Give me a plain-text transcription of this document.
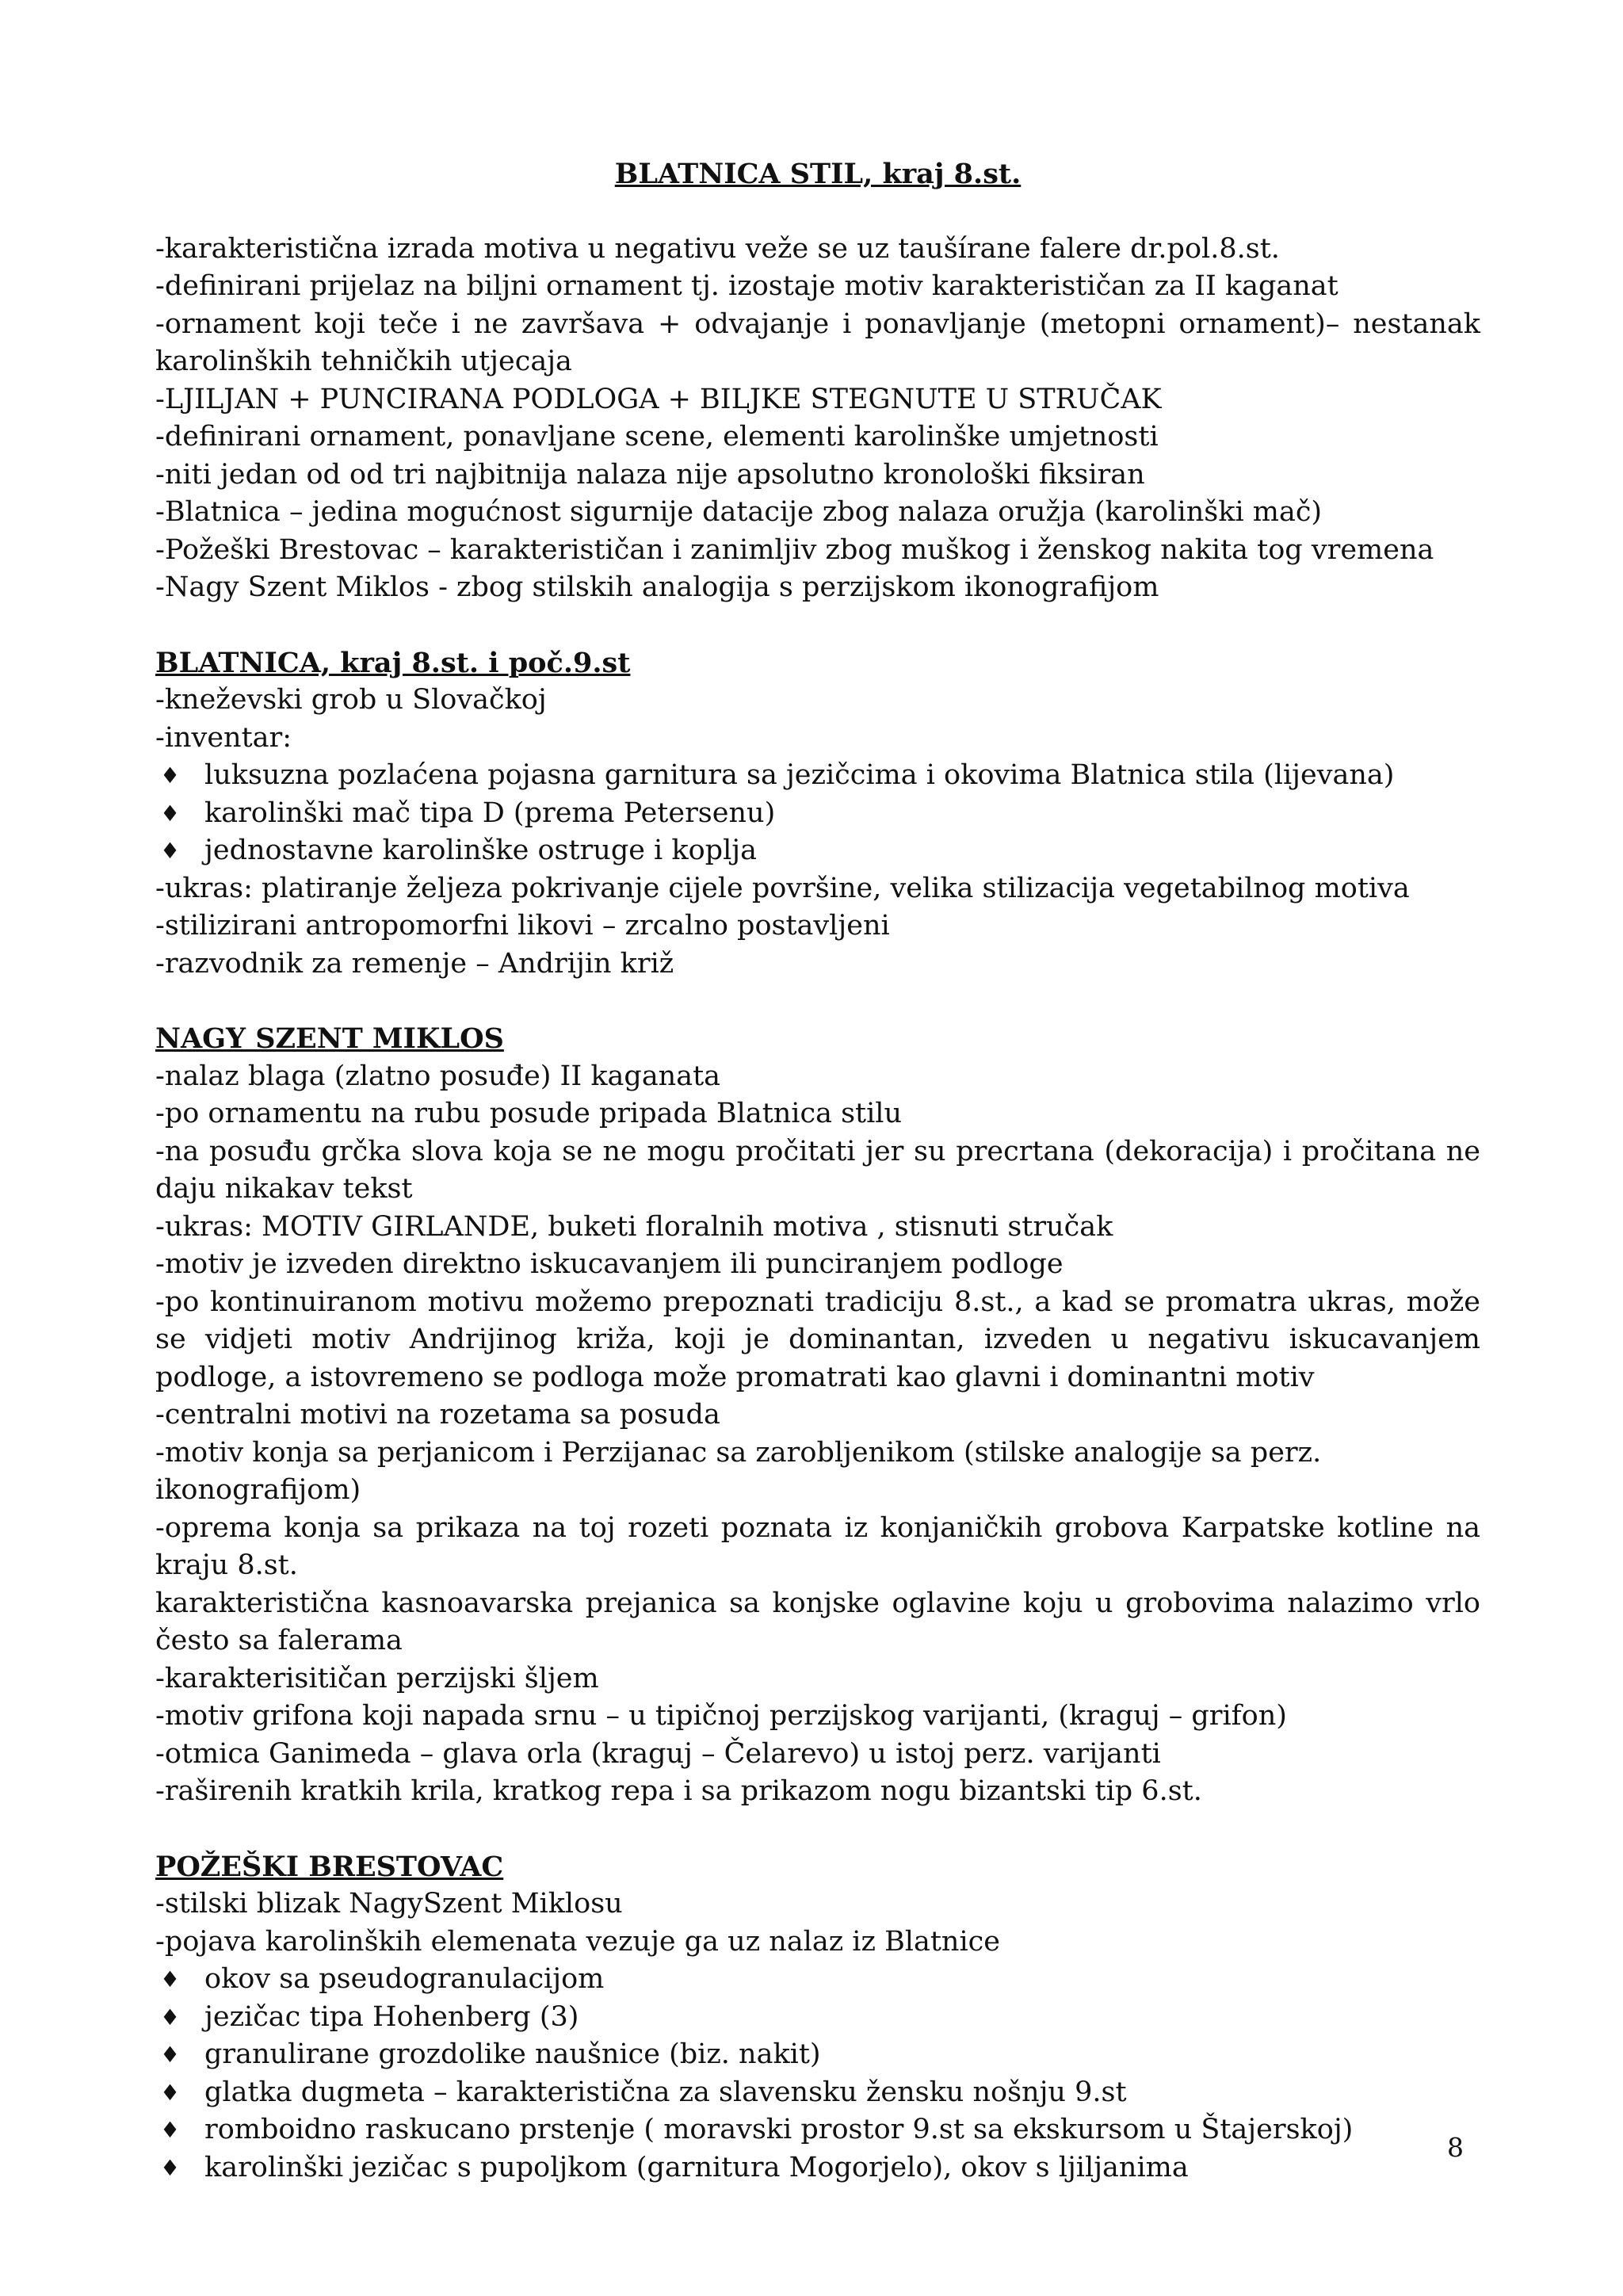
BLATNICA STIL, kraj 8.st.

-karakteristična izrada motiva u negativu veže se uz taušírane falere dr.pol.8.st.

-definirani prijelaz na biljni ornament tj. izostaje motiv karakterističan za II kaganat

-ornament koji teče i ne završava + odvajanje i ponavljanje (metopni ornament)– nestanak karolinških tehničkih utjecaja

-LJILJAN + PUNCIRANA PODLOGA + BILJKE STEGNUTE U STRUČAK

-definirani ornament, ponavljane scene, elementi karolinške umjetnosti

-niti jedan od od tri najbitnija nalaza nije apsolutno kronološki fiksiran

-Blatnica – jedina mogućnost sigurnije datacije zbog nalaza oružja (karolinški mač)

-Požeški Brestovac – karakterističan i zanimljiv zbog muškog i ženskog nakita tog vremena

-Nagy Szent Miklos - zbog stilskih analogija s perzijskom ikonografijom

BLATNICA, kraj 8.st. i poč.9.st

-kneževski grob u Slovačkoj

-inventar:

♦ luksuzna pozlaćena pojasna garnitura sa jezičcima i okovima Blatnica stila (lijevana)

♦ karolinški mač tipa D (prema Petersenu)

♦ jednostavne karolinške ostruge i koplja

-ukras: platiranje željeza pokrivanje cijele površine, velika stilizacija vegetabilnog motiva

-stilizirani antropomorfni likovi – zrcalno postavljeni

-razvodnik za remenje – Andrijin križ

NAGY SZENT MIKLOS

-nalaz blaga (zlatno posuđe) II kaganata

-po ornamentu na rubu posude pripada Blatnica stilu

-na posuđu grčka slova koja se ne mogu pročitati jer su precrtana (dekoracija) i pročitana ne daju nikakav tekst

-ukras: MOTIV GIRLANDE, buketi floralnih motiva , stisnuti stručak

-motiv je izveden direktno iskucavanjem ili punciranjem podloge

-po kontinuiranom motivu možemo prepoznati tradiciju 8.st., a kad se promatra ukras, može se vidjeti motiv Andrijinog križa, koji je dominantan, izveden u negativu iskucavanjem podloge, a istovremeno se podloga može promatrati kao glavni i dominantni motiv

-centralni motivi na rozetama sa posuda

-motiv konja sa perjanicom i Perzijanac sa zarobljenikom (stilske analogije sa perz. ikonografijom)

-oprema konja sa prikaza na toj rozeti poznata iz konjaničkih grobova Karpatske kotline na kraju 8.st.

karakteristična kasnoavarska prejanica sa konjske oglavine koju u grobovima nalazimo vrlo često sa falerama

-karakterisitičan perzijski šljem

-motiv grifona koji napada srnu – u tipičnoj perzijskog varijanti, (kraguj – grifon)

-otmica Ganimeda – glava orla (kraguj – Čelarevo) u istoj perz. varijanti

-raširenih kratkih krila, kratkog repa i sa prikazom nogu bizantski tip 6.st.

POŽEŠKI BRESTOVAC

-stilski blizak NagySzent Miklosu

-pojava karolinških elemenata vezuje ga uz nalaz iz Blatnice

♦ okov sa pseudogranulacijom

♦ jezičac tipa Hohenberg (3)

♦ granulirane grozdolike naušnice (biz. nakit)

♦ glatka dugmeta – karakteristična za slavensku žensku nošnju 9.st

♦ romboidno raskucano prstenje ( moravski prostor 9.st sa ekskursom u Štajerskoj)

♦ karolinški jezičac s pupoljkom (garnitura Mogorjelo), okov s ljiljanima

8
